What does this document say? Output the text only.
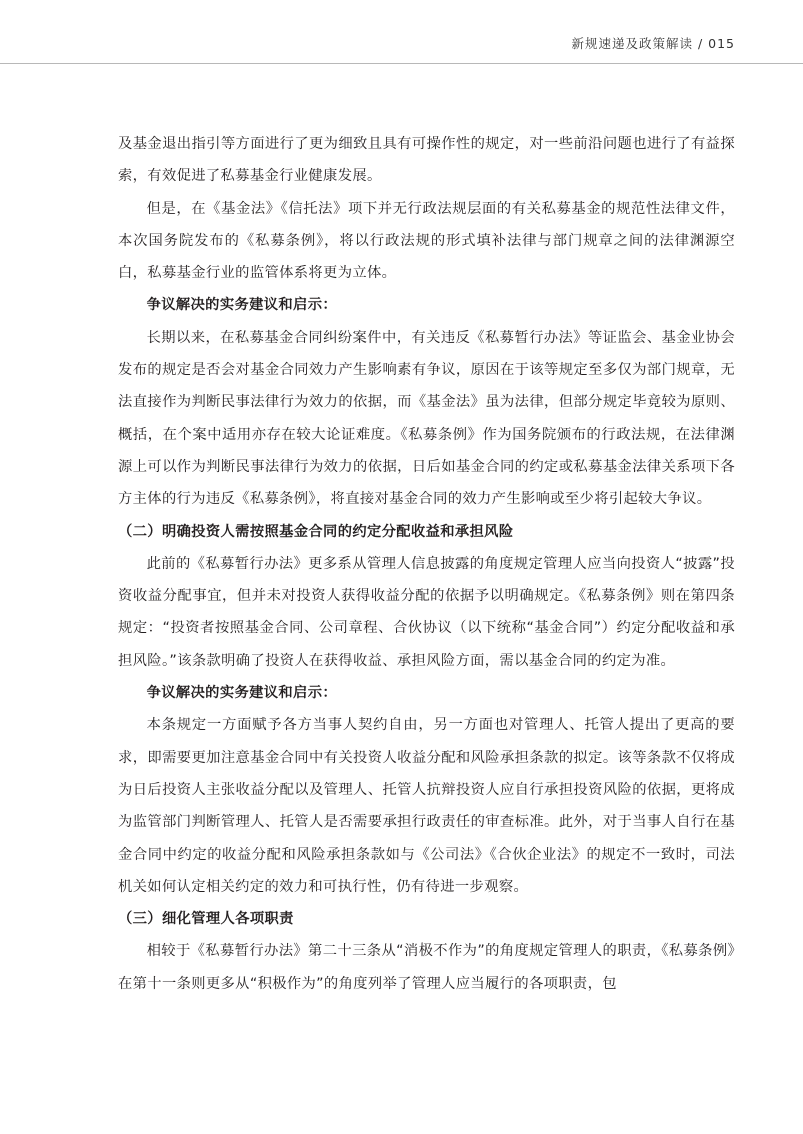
新规速递及政策解读 / 015

及基金退出指引等方面进行了更为细致且具有可操作性的规定，对一些前沿问题也进行了有益探索，有效促进了私募基金行业健康发展。

但是，在《基金法》《信托法》项下并无行政法规层面的有关私募基金的规范性法律文件，本次国务院发布的《私募条例》，将以行政法规的形式填补法律与部门规章之间的法律渊源空白，私募基金行业的监管体系将更为立体。

争议解决的实务建议和启示：

长期以来，在私募基金合同纠纷案件中，有关违反《私募暂行办法》等证监会、基金业协会发布的规定是否会对基金合同效力产生影响素有争议，原因在于该等规定至多仅为部门规章，无法直接作为判断民事法律行为效力的依据，而《基金法》虽为法律，但部分规定毕竟较为原则、概括，在个案中适用亦存在较大论证难度。《私募条例》作为国务院颁布的行政法规，在法律渊源上可以作为判断民事法律行为效力的依据，日后如基金合同的约定或私募基金法律关系项下各方主体的行为违反《私募条例》，将直接对基金合同的效力产生影响或至少将引起较大争议。

（二）明确投资人需按照基金合同的约定分配收益和承担风险

此前的《私募暂行办法》更多系从管理人信息披露的角度规定管理人应当向投资人“披露”投资收益分配事宜，但并未对投资人获得收益分配的依据予以明确规定。《私募条例》则在第四条规定：“投资者按照基金合同、公司章程、合伙协议（以下统称“基金合同”）约定分配收益和承担风险。”该条款明确了投资人在获得收益、承担风险方面，需以基金合同的约定为准。

争议解决的实务建议和启示：

本条规定一方面赋予各方当事人契约自由，另一方面也对管理人、托管人提出了更高的要求，即需要更加注意基金合同中有关投资人收益分配和风险承担条款的拟定。该等条款不仅将成为日后投资人主张收益分配以及管理人、托管人抗辩投资人应自行承担投资风险的依据，更将成为监管部门判断管理人、托管人是否需要承担行政责任的审查标准。此外，对于当事人自行在基金合同中约定的收益分配和风险承担条款如与《公司法》《合伙企业法》的规定不一致时，司法机关如何认定相关约定的效力和可执行性，仍有待进一步观察。

（三）细化管理人各项职责

相较于《私募暂行办法》第二十三条从“消极不作为”的角度规定管理人的职责，《私募条例》在第十一条则更多从“积极作为”的角度列举了管理人应当履行的各项职责，包
